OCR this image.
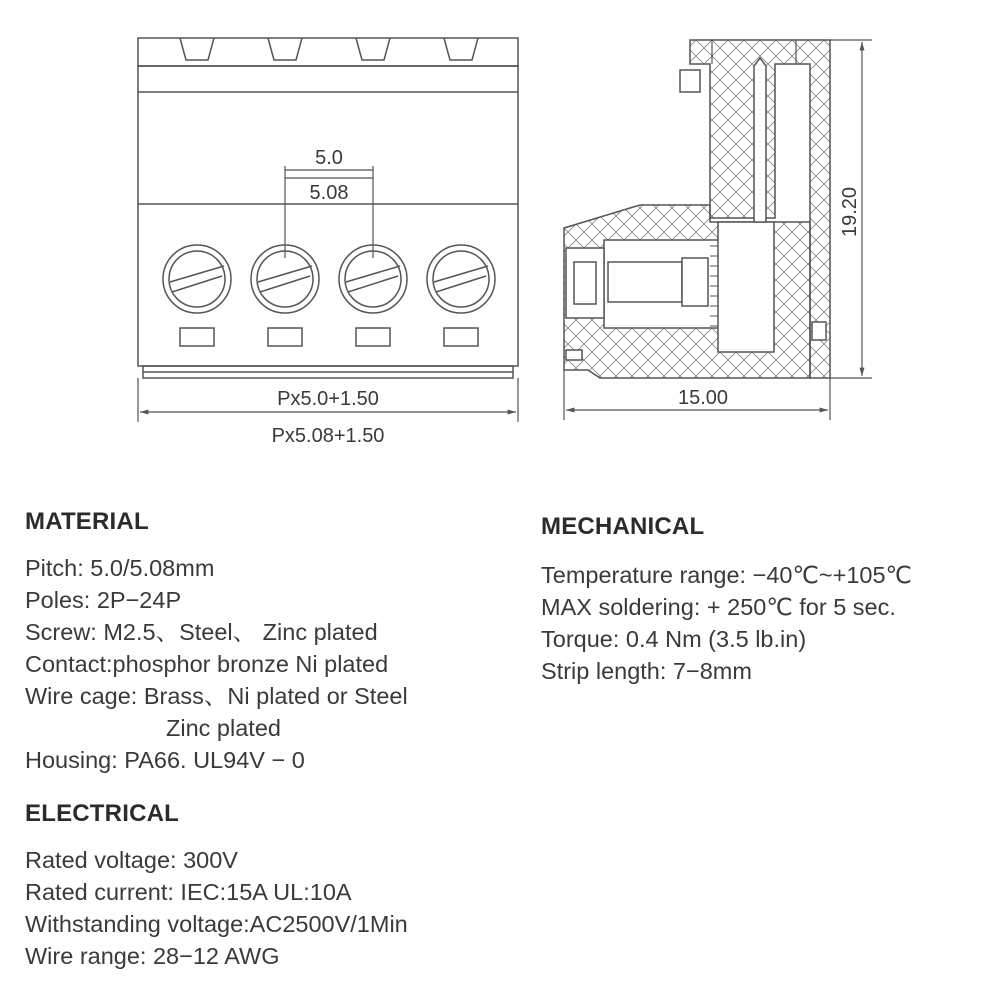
5.0
5.08
Px5.0+1.50
Px5.08+1.50
19.20
15.00
MATERIAL
Pitch: 5.0/5.08mm
Poles: 2P−24P
Screw: M2.5、Steel、 Zinc plated
Contact:phosphor bronze Ni plated
Wire cage: Brass、Ni plated or Steel
Zinc plated
Housing: PA66. UL94V − 0
ELECTRICAL
Rated voltage: 300V
Rated current: IEC:15A UL:10A
Withstanding voltage:AC2500V/1Min
Wire range: 28−12 AWG
MECHANICAL
Temperature range: −40℃~+105℃
MAX soldering: + 250℃ for 5 sec.
Torque: 0.4 Nm (3.5 lb.in)
Strip length: 7−8mm
